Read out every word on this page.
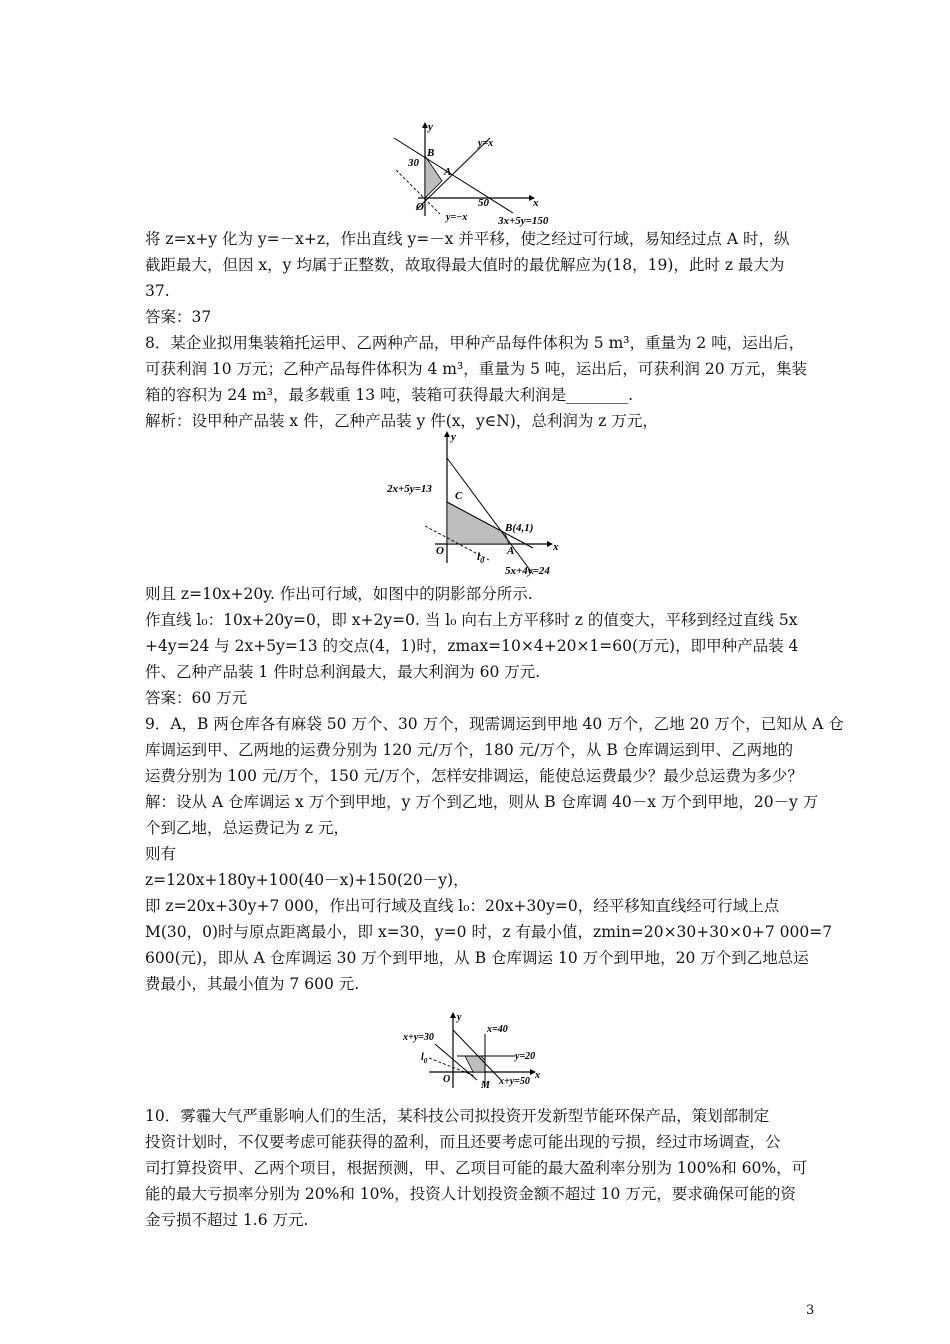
y
x
O
y=x
B
30
A
50
y=−x	3x+5y=150
y
x
O
2x+5y=13
C
B(4,1)
A
$l_0$
5x+4y=24
y
x
O
x+y=30
x=40
y=20
$l_0$
M x+y=50
将 z=x+y 化为 y=－x+z，作出直线 y=－x 并平移，使之经过可行域，易知经过点 A 时，纵
截距最大，但因 x，y 均属于正整数，故取得最大值时的最优解应为(18，19)，此时 z 最大为
37.
答案：37
8．某企业拟用集装箱托运甲、乙两种产品，甲种产品每件体积为 5 m³，重量为 2 吨，运出后，
可获利润 10 万元；乙种产品每件体积为 4 m³，重量为 5 吨，运出后，可获利润 20 万元，集装
箱的容积为 24 m³，最多载重 13 吨，装箱可获得最大利润是________.
解析：设甲种产品装 x 件，乙种产品装 y 件(x，y∈N)，总利润为 z 万元，
则且 z=10x+20y. 作出可行域，如图中的阴影部分所示.
作直线 l₀：10x+20y=0，即 x+2y=0. 当 l₀ 向右上方平移时 z 的值变大，平移到经过直线 5x
+4y=24 与 2x+5y=13 的交点(4，1)时，zmax=10×4+20×1=60(万元)，即甲种产品装 4
件、乙种产品装 1 件时总利润最大，最大利润为 60 万元.
答案：60 万元
9．A，B 两仓库各有麻袋 50 万个、30 万个，现需调运到甲地 40 万个，乙地 20 万个，已知从 A 仓
库调运到甲、乙两地的运费分别为 120 元/万个，180 元/万个，从 B 仓库调运到甲、乙两地的
运费分别为 100 元/万个，150 元/万个，怎样安排调运，能使总运费最少？最少总运费为多少？
解：设从 A 仓库调运 x 万个到甲地，y 万个到乙地，则从 B 仓库调 40－x 万个到甲地，20－y 万
个到乙地，总运费记为 z 元，
则有
z=120x+180y+100(40－x)+150(20－y)，
即 z=20x+30y+7 000，作出可行域及直线 l₀：20x+30y=0，经平移知直线经可行域上点
M(30，0)时与原点距离最小，即 x=30，y=0 时，z 有最小值，zmin=20×30+30×0+7 000=7
600(元)，即从 A 仓库调运 30 万个到甲地，从 B 仓库调运 10 万个到甲地，20 万个到乙地总运
费最小，其最小值为 7 600 元.
10．雾霾大气严重影响人们的生活，某科技公司拟投资开发新型节能环保产品，策划部制定
投资计划时，不仅要考虑可能获得的盈利，而且还要考虑可能出现的亏损，经过市场调查，公
司打算投资甲、乙两个项目，根据预测，甲、乙项目可能的最大盈利率分别为 100%和 60%，可
能的最大亏损率分别为 20%和 10%，投资人计划投资金额不超过 10 万元，要求确保可能的资
金亏损不超过 1.6 万元.
3
